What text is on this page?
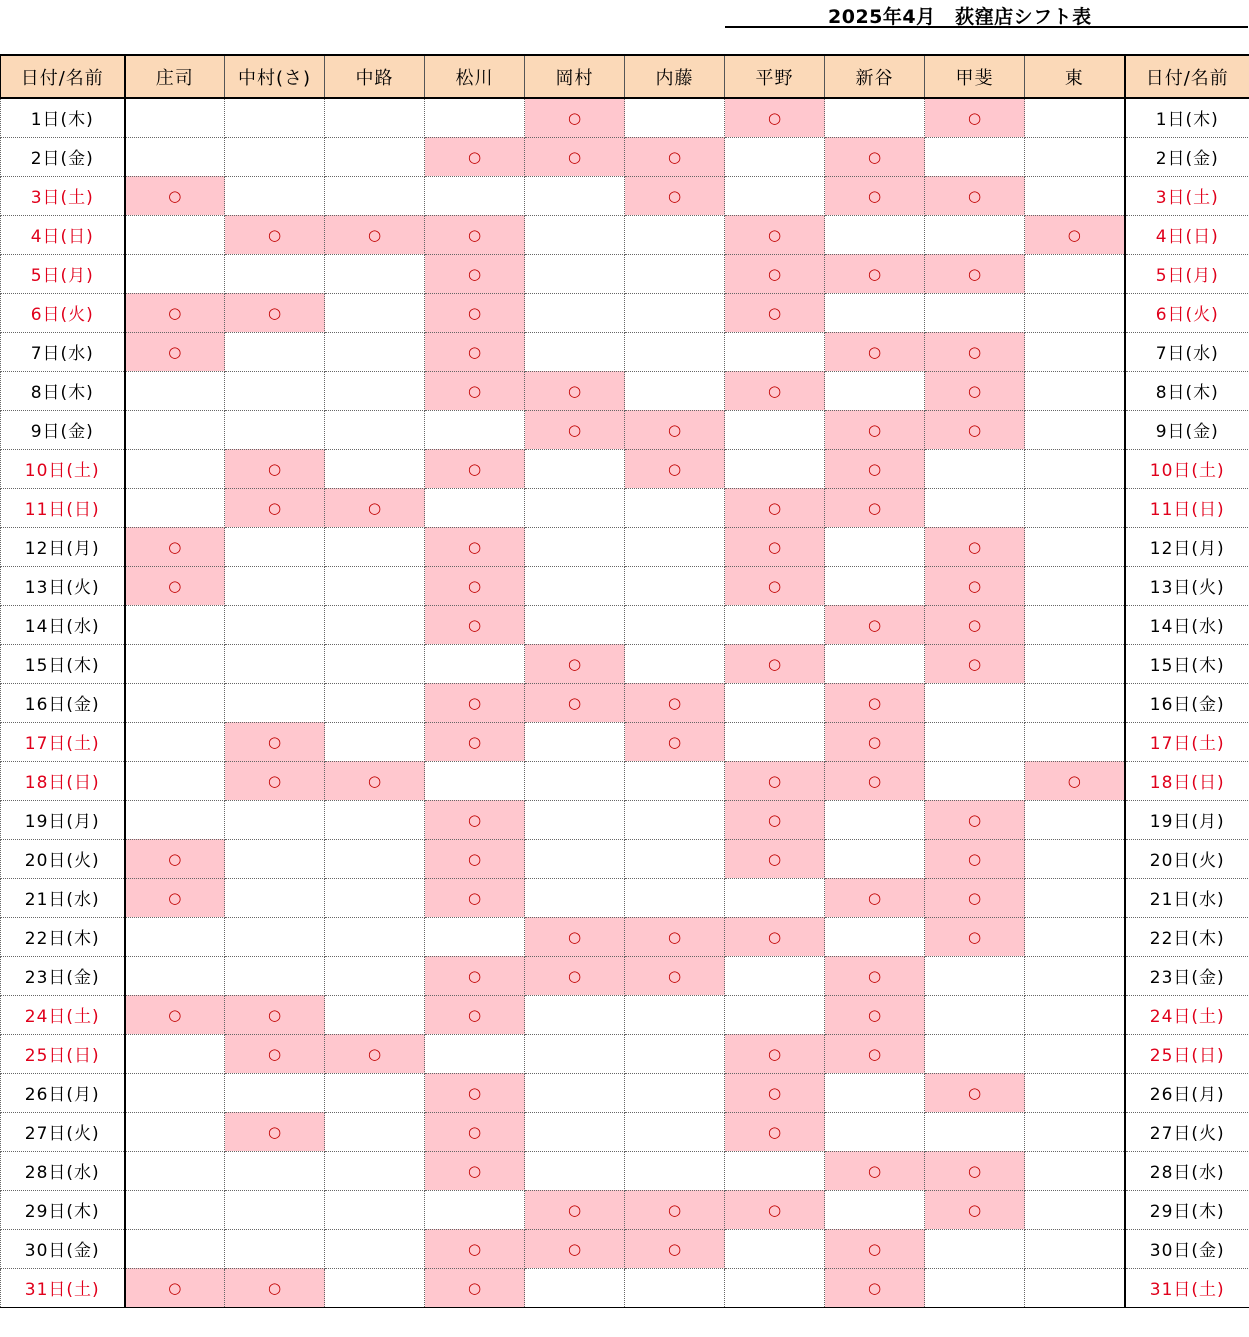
2025年4月　荻窪店シフト表
日付/名前	庄司	中村(さ)	中路	松川	岡村	内藤	平野	新谷	甲斐	東	日付/名前
1日(木)					○		○		○		1日(木)
2日(金)				○	○	○		○			2日(金)
3日(土)	○					○		○	○		3日(土)
4日(日)		○	○	○			○			○	4日(日)
5日(月)				○			○	○	○		5日(月)
6日(火)	○	○		○			○				6日(火)
7日(水)	○			○				○	○		7日(水)
8日(木)				○	○		○		○		8日(木)
9日(金)					○	○		○	○		9日(金)
10日(土)		○		○		○		○			10日(土)
11日(日)		○	○				○	○			11日(日)
12日(月)	○			○			○		○		12日(月)
13日(火)	○			○			○		○		13日(火)
14日(水)				○				○	○		14日(水)
15日(木)					○		○		○		15日(木)
16日(金)				○	○	○		○			16日(金)
17日(土)		○		○		○		○			17日(土)
18日(日)		○	○				○	○		○	18日(日)
19日(月)				○			○		○		19日(月)
20日(火)	○			○			○		○		20日(火)
21日(水)	○			○				○	○		21日(水)
22日(木)					○	○	○		○		22日(木)
23日(金)				○	○	○		○			23日(金)
24日(土)	○	○		○				○			24日(土)
25日(日)		○	○				○	○			25日(日)
26日(月)				○			○		○		26日(月)
27日(火)		○		○			○				27日(火)
28日(水)				○				○	○		28日(水)
29日(木)					○	○	○		○		29日(木)
30日(金)				○	○	○		○			30日(金)
31日(土)	○	○		○				○			31日(土)
